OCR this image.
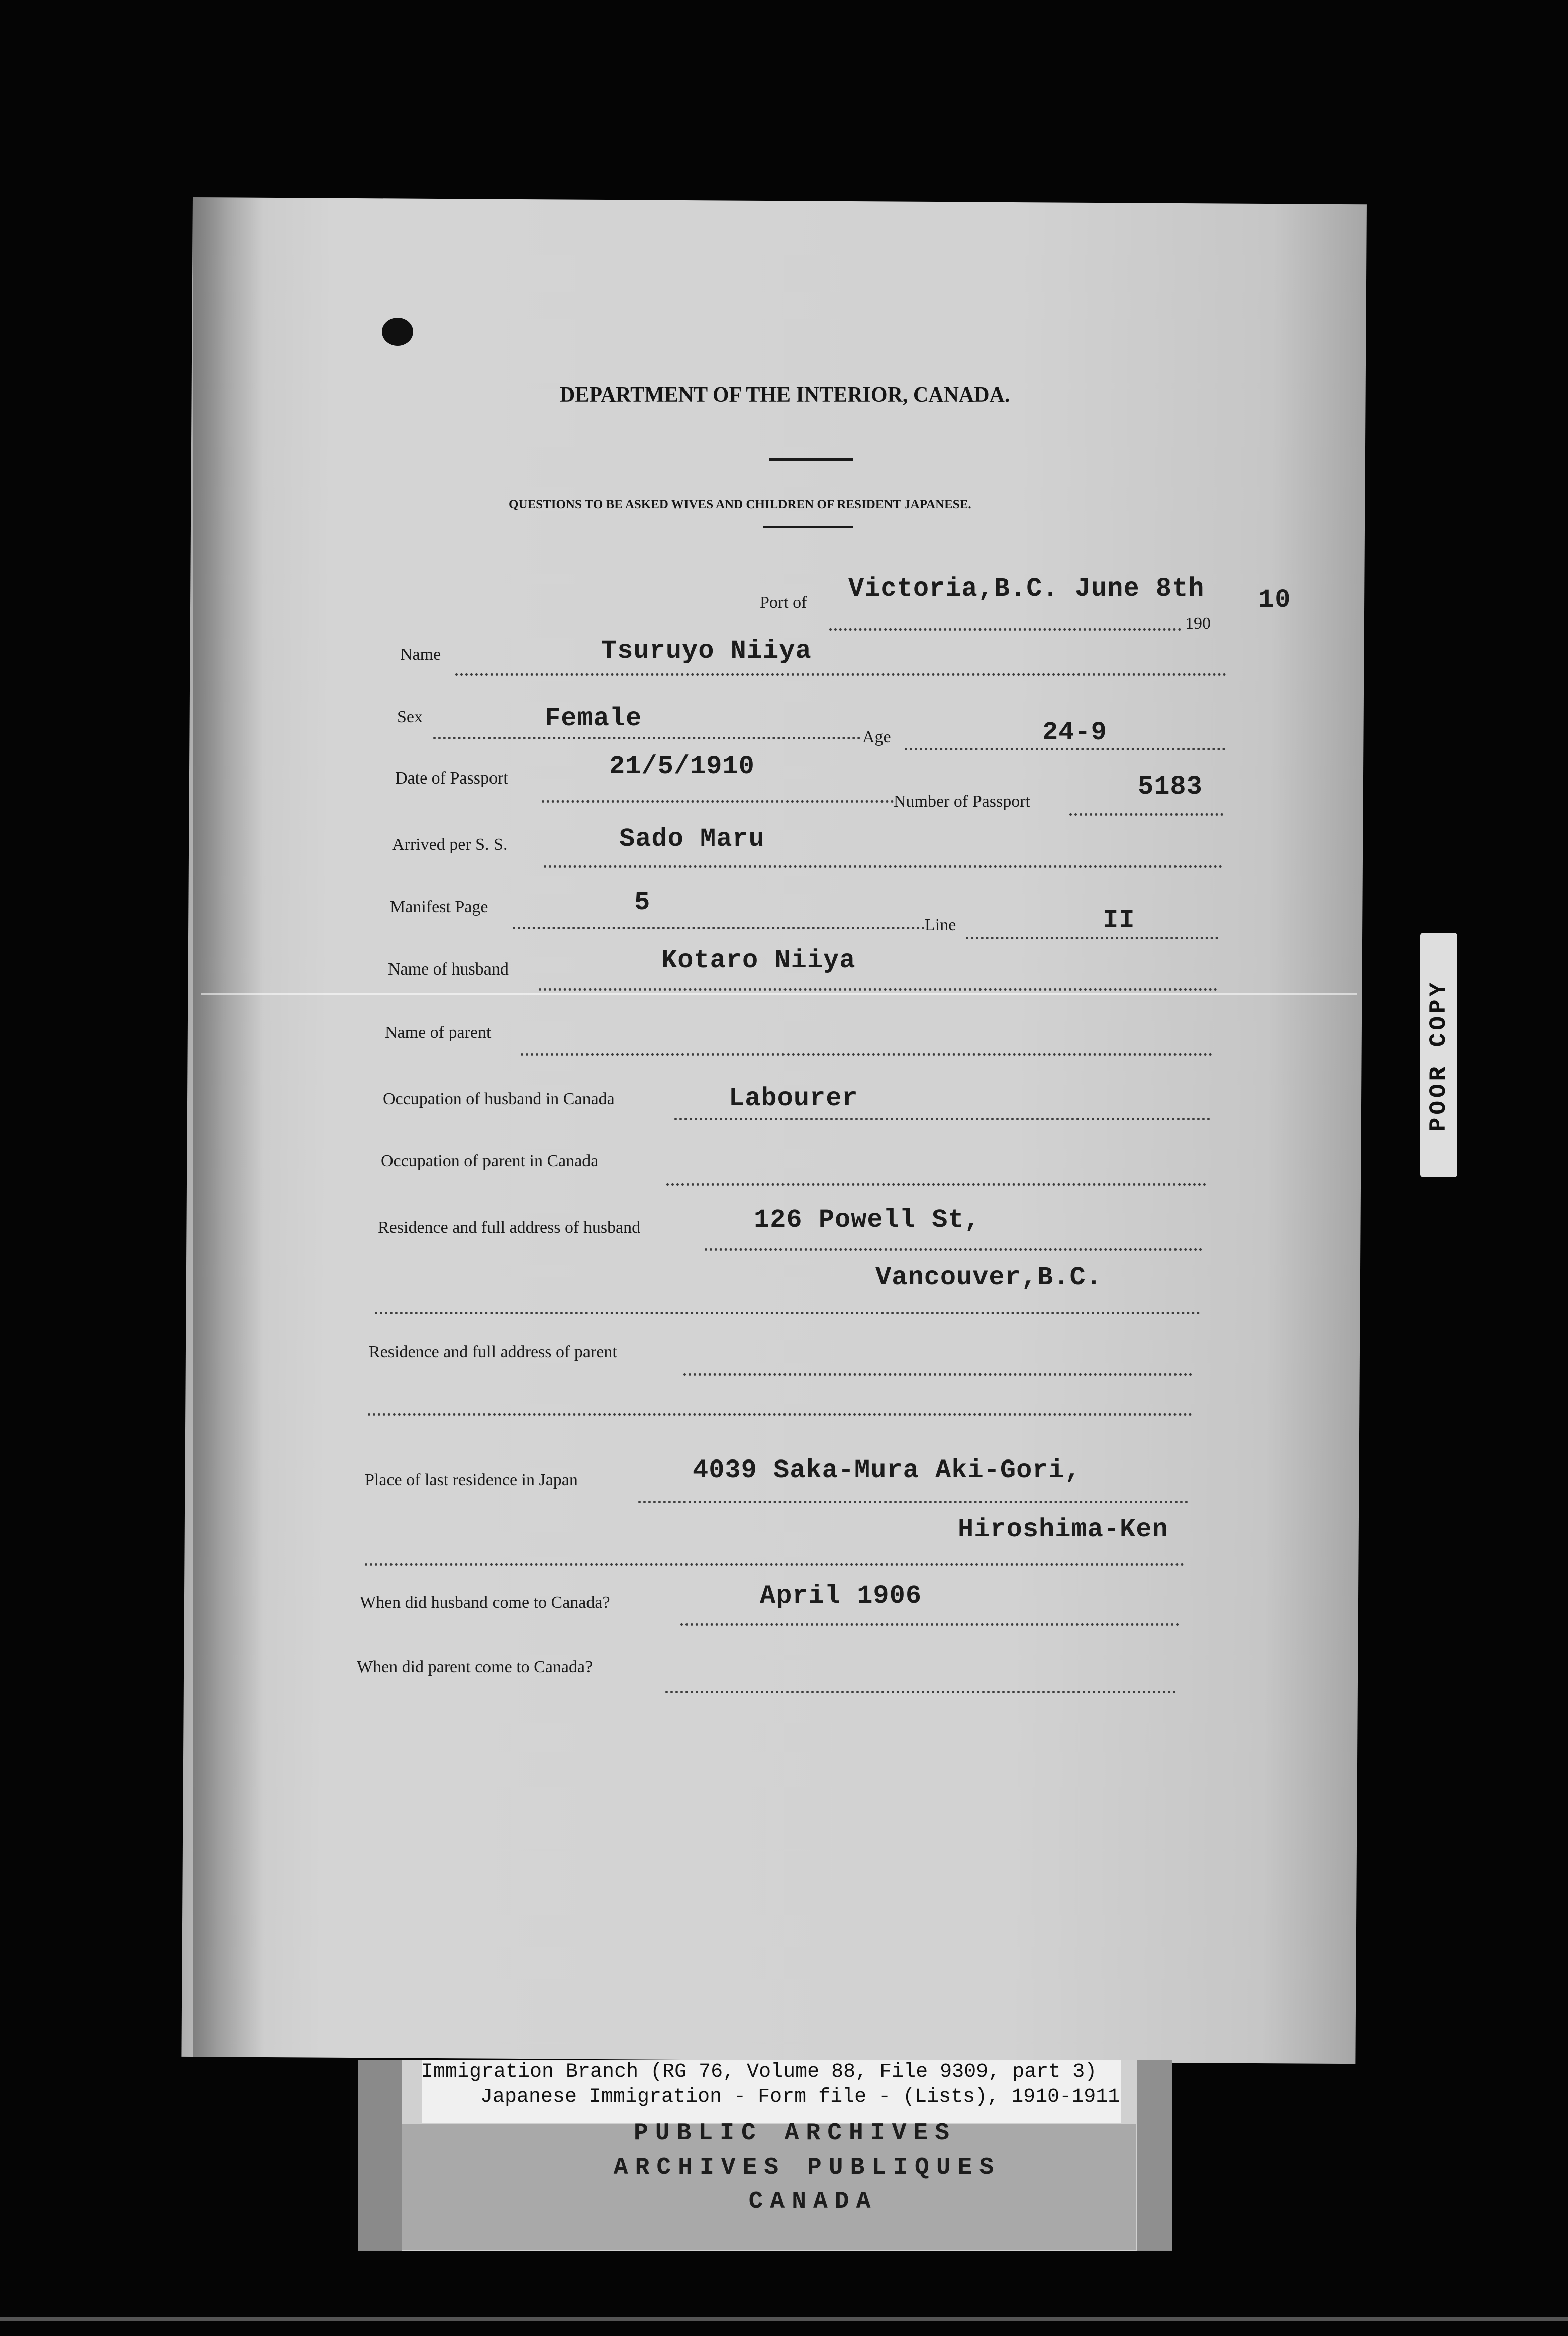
DEPARTMENT OF THE INTERIOR, CANADA.
QUESTIONS TO BE ASKED WIVES AND CHILDREN OF RESIDENT JAPANESE.
Port of Victoria,B.C. June 8th
190
10
Name	Tsuruyo Niiya
Sex	Female
Age	24-9
Date of Passport	21/5/1910
Number of Passport	5183
Arrived per S. S.	Sado Maru
Manifest Page	5
Line	II
Name of husband	Kotaro Niiya
Name of parent
Occupation of husband in Canada	Labourer
Occupation of parent in Canada
Residence and full address of husband	126 Powell St,
Vancouver,B.C.
Residence and full address of parent
Place of last residence in Japan	4039 Saka-Mura Aki-Gori,
Hiroshima-Ken
When did husband come to Canada?	April 1906
When did parent come to Canada?
POOR COPY
Immigration Branch (RG 76, Volume 88, File 9309, part 3)
Japanese Immigration - Form file - (Lists), 1910-1911
PUBLIC ARCHIVES
ARCHIVES PUBLIQUES
CANADA
